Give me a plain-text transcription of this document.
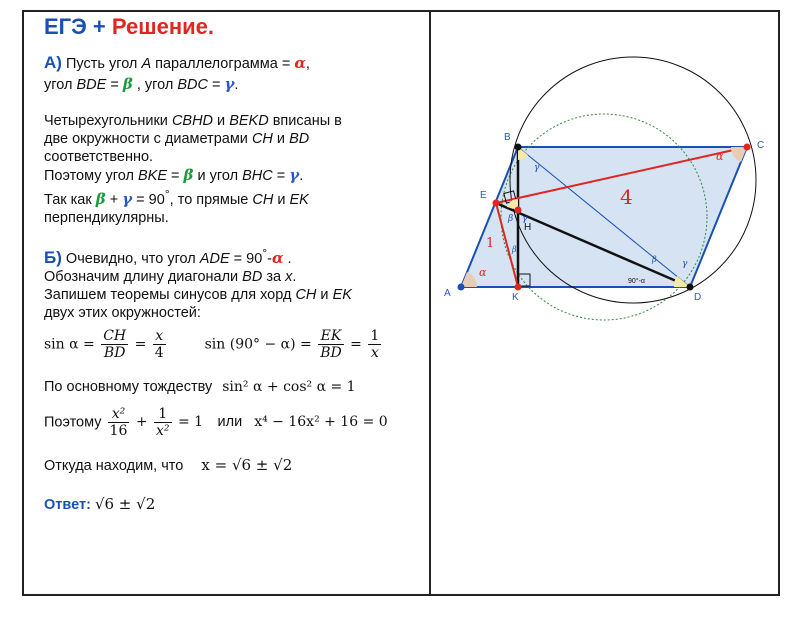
ЕГЭ + Решение.
А) Пусть угол A параллелограмма = α,
угол BDE = β , угол BDC = γ.
Четырехугольники CBHD и BEKD вписаны в
две окружности с диаметрами CH и BD
соответственно.
Поэтому угол BKE = β и угол BHC = γ.
Так как β + γ = 90°, то прямые CH и EK
перпендикулярны.
Б) Очевидно, что угол ADE = 90°-α .
Обозначим длину диагонали BD за x.
Запишем теоремы синусов для хорд CH и EK
двух этих окружностей:
$\sin \alpha = \frac{CH}{BD} = \frac{x}{4}$	$\sin (90^\circ - \alpha) = \frac{EK}{BD} = \frac{1}{x}$
По основному тождеству sin² α + cos² α = 1
Поэтому $\frac{\text{x²}}{16} + \frac{1}{\text{x²}} = 1$ или x⁴ − 16x² + 16 = 0
Откуда находим, что x = √6 ± √2
Ответ: √6 ± √2
γ
β γ
β
β	γ
90°-α
α
α
4
1
A
B
C
D
E
H
K
